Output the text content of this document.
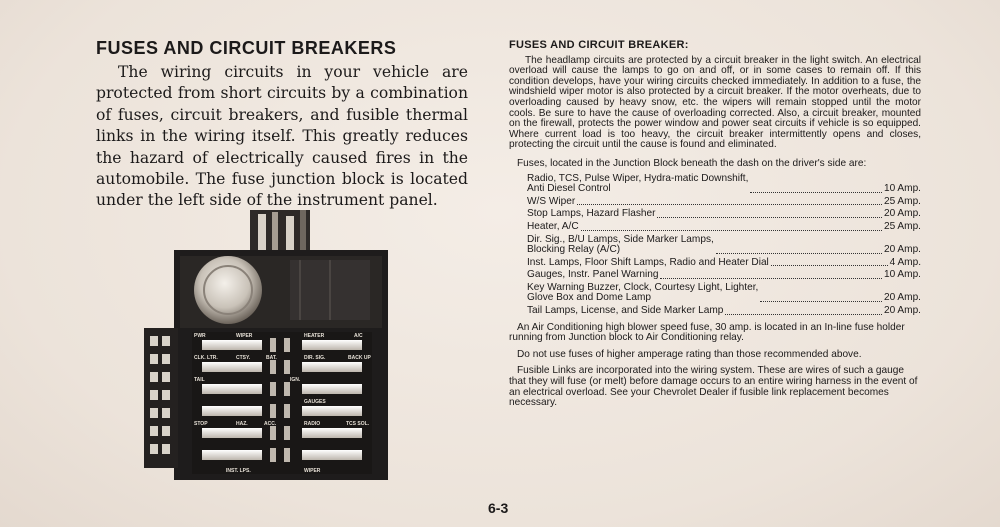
FUSES AND CIRCUIT BREAKERS

The wiring circuits in your vehicle are protected from short circuits by a combination of fuses, circuit breakers, and fusible thermal links in the wiring itself. This greatly reduces the hazard of electrically caused fires in the automobile. The fuse junction block is located under the left side of the instrument panel.

PWR	WIPER	HEATER	A/C
CLK. LTR.	CTSY.	BAT.	DIR. SIG.	BACK UP
TAIL	IGN.
GAUGES
STOP	HAZ.	ACC.	RADIO	TCS SOL.
INST. LPS.	WIPER
FUSES AND CIRCUIT BREAKER:

The headlamp circuits are protected by a circuit breaker in the light switch. An electrical overload will cause the lamps to go on and off, or in some cases to remain off. If this condition develops, have your wiring circuits checked immediately. In addition to a fuse, the windshield wiper motor is also protected by a circuit breaker. If the motor overheats, due to overloading caused by heavy snow, etc. the wipers will remain stopped until the motor cools. Be sure to have the cause of overloading corrected. Also, a circuit breaker, mounted on the firewall, protects the power window and power seat circuits if vehicle is so equipped. Where current load is too heavy, the circuit breaker intermittently opens and closes, protecting the circuit until the cause is found and eliminated.

Fuses, located in the Junction Block beneath the dash on the driver's side are:

Radio, TCS, Pulse Wiper, Hydra-matic Downshift,
Anti Diesel Control	10 Amp.
W/S Wiper	25 Amp.
Stop Lamps, Hazard Flasher	20 Amp.
Heater, A/C	25 Amp.
Dir. Sig., B/U Lamps, Side Marker Lamps,
Blocking Relay (A/C)	20 Amp.
Inst. Lamps, Floor Shift Lamps, Radio and Heater Dial	4 Amp.
Gauges, Instr. Panel Warning	10 Amp.
Key Warning Buzzer, Clock, Courtesy Light, Lighter,
Glove Box and Dome Lamp	20 Amp.
Tail Lamps, License, and Side Marker Lamp	20 Amp.

An Air Conditioning high blower speed fuse, 30 amp. is located in an In-line fuse holder running from Junction block to Air Conditioning relay.

Do not use fuses of higher amperage rating than those recommended above.

Fusible Links are incorporated into the wiring system. These are wires of such a gauge that they will fuse (or melt) before damage occurs to an entire wiring harness in the event of an electrical overload. See your Chevrolet Dealer if fusible link replacement becomes necessary.

6-3
